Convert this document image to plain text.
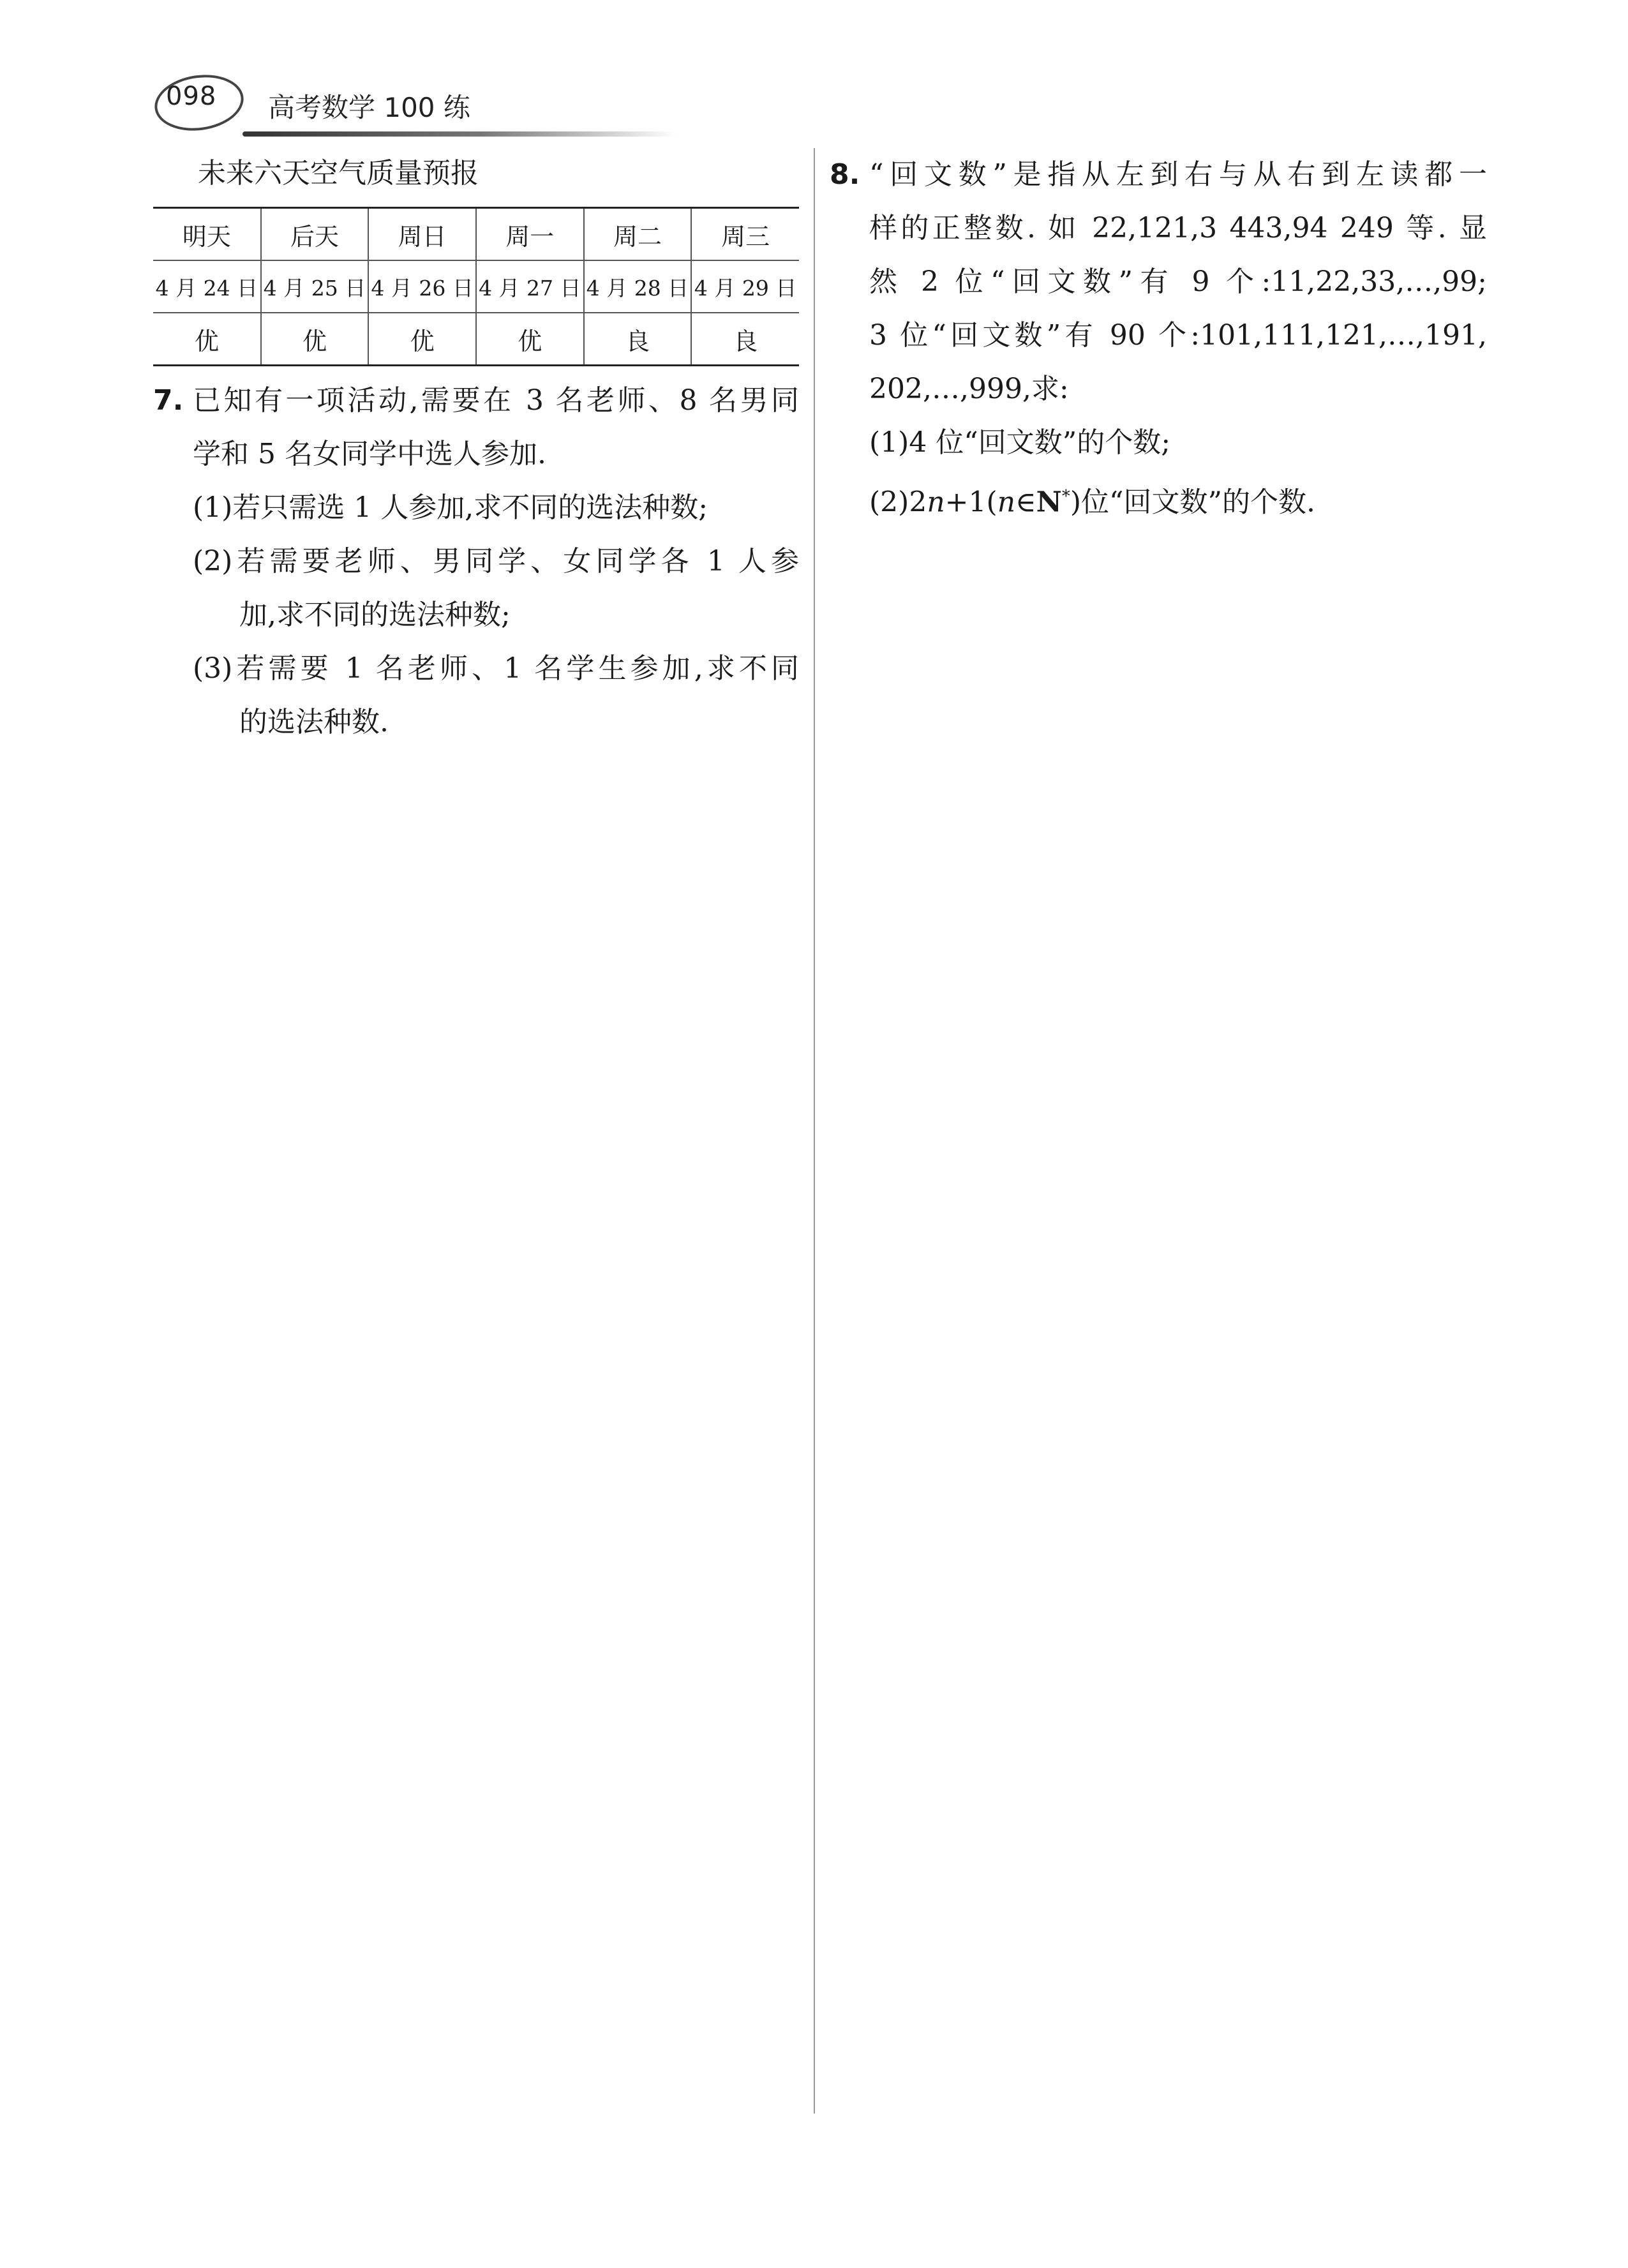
098 高考数学 100 练
未来六天空气质量预报
明天	后天	周日	周一	周二	周三
4 月 24 日	4 月 25 日	4 月 26 日	4 月 27 日	4 月 28 日	4 月 29 日
优	优	优	优	良	良
7. 已知有一项活动,需要在 3 名老师、8 名男同
学和 5 名女同学中选人参加.
(1)若只需选 1 人参加,求不同的选法种数;
(2)若需要老师、男同学、女同学各 1 人参
加,求不同的选法种数;
(3)若需要 1 名老师、1 名学生参加,求不同
的选法种数.
8. “回文数”是指从左到右与从右到左读都一
样的正整数. 如 22,121,3 443,94 249 等. 显
然 2 位“回文数”有 9 个:11,22,33,…,99;
3 位“回文数”有 90 个:101,111,121,…,191,
202,…,999,求:
(1)4 位“回文数”的个数;
(2)2n+1(n∈N*)位“回文数”的个数.
